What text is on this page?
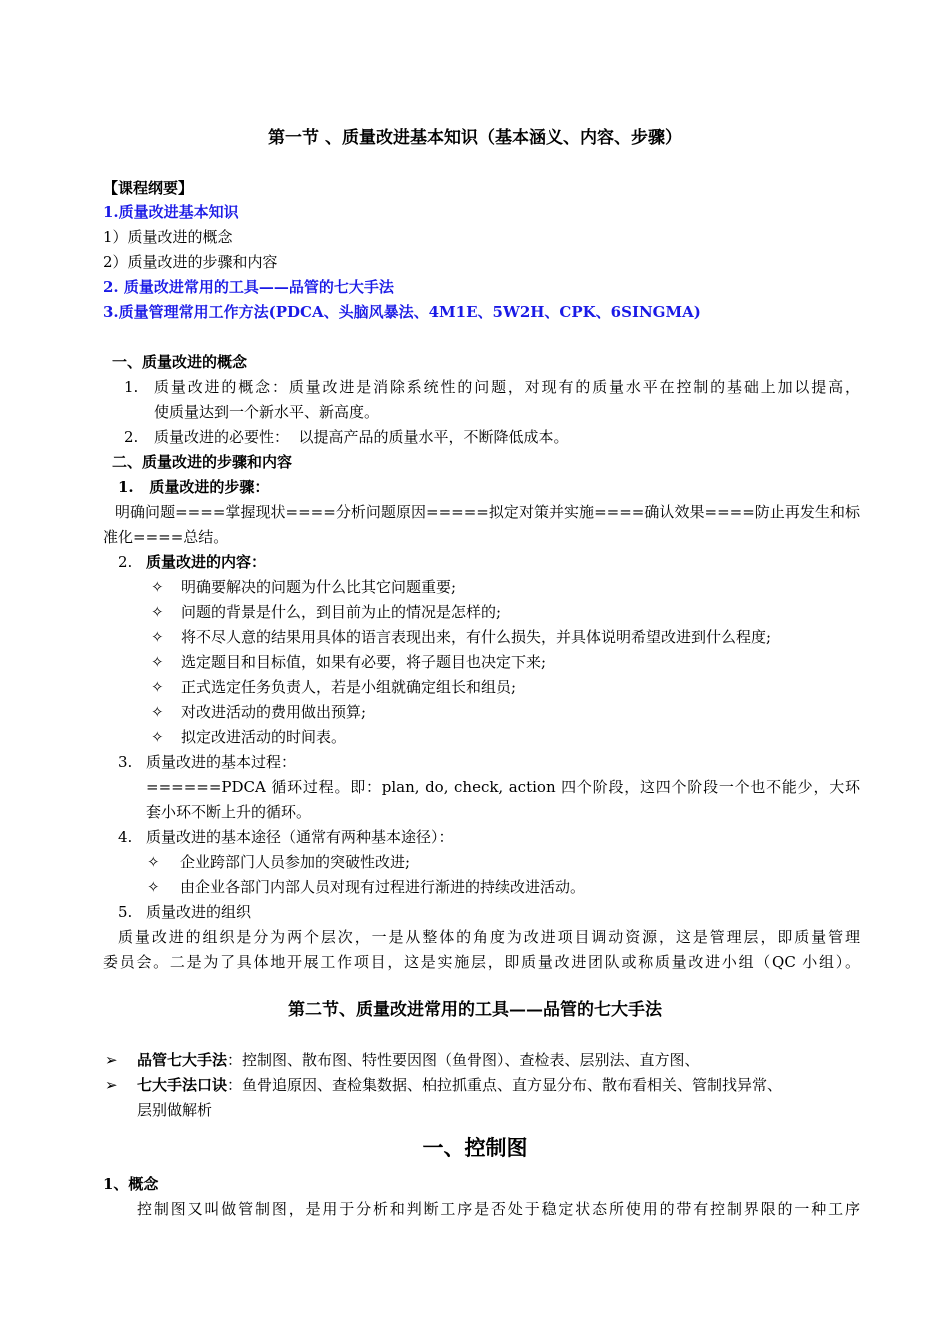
第一节 、质量改进基本知识（基本涵义、内容、步骤）
【课程纲要】
1.质量改进基本知识
1）质量改进的概念
2）质量改进的步骤和内容
2. 质量改进常用的工具——品管的七大手法
3.质量管理常用工作方法(PDCA、头脑风暴法、4M1E、5W2H、CPK、6SINGMA)
一、质量改进的概念
1. 质量改进的概念：质量改进是消除系统性的问题，对现有的质量水平在控制的基础上加以提高，
使质量达到一个新水平、新高度。
2. 质量改进的必要性：  以提高产品的质量水平，不断降低成本。
二、质量改进的步骤和内容
1.   质量改进的步骤：
明确问题====掌握现状====分析问题原因=====拟定对策并实施====确认效果====防止再发生和标
准化====总结。
2. 质量改进的内容：
✧ 明确要解决的问题为什么比其它问题重要;
✧ 问题的背景是什么，到目前为止的情况是怎样的;
✧ 将不尽人意的结果用具体的语言表现出来，有什么损失，并具体说明希望改进到什么程度;
✧ 选定题目和目标值，如果有必要，将子题目也决定下来;
✧ 正式选定任务负责人，若是小组就确定组长和组员;
✧ 对改进活动的费用做出预算;
✧ 拟定改进活动的时间表。
3. 质量改进的基本过程：
======PDCA 循环过程。即：plan, do, check, action 四个阶段，这四个阶段一个也不能少，大环
套小环不断上升的循环。
4. 质量改进的基本途径（通常有两种基本途径）：
✧ 企业跨部门人员参加的突破性改进;
✧ 由企业各部门内部人员对现有过程进行渐进的持续改进活动。
5. 质量改进的组织
质量改进的组织是分为两个层次，一是从整体的角度为改进项目调动资源，这是管理层，即质量管理
委员会。二是为了具体地开展工作项目，这是实施层，即质量改进团队或称质量改进小组（QC 小组）。
第二节、质量改进常用的工具——品管的七大手法
➢ 品管七大手法：控制图、散布图、特性要因图（鱼骨图）、查检表、层别法、直方图、
➢ 七大手法口诀：鱼骨追原因、查检集数据、柏拉抓重点、直方显分布、散布看相关、管制找异常、
层别做解析
一、控制图
1、概念
控制图又叫做管制图，是用于分析和判断工序是否处于稳定状态所使用的带有控制界限的一种工序
